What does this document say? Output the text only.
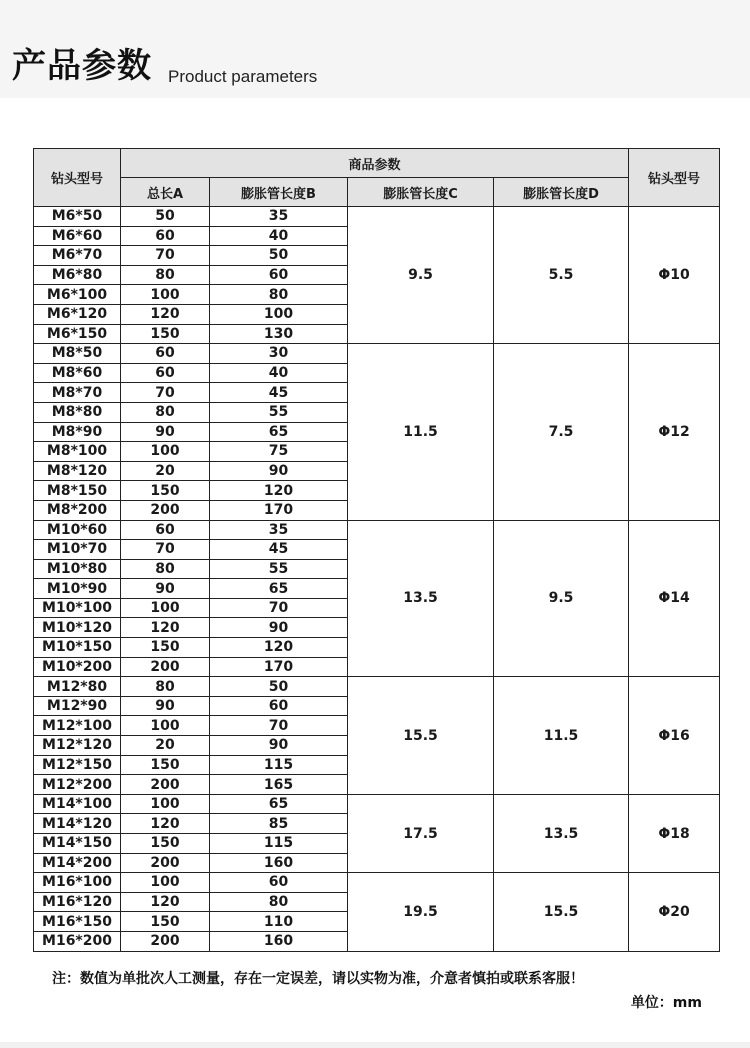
产品参数 Product parameters
钻头型号	商品参数				钻头型号
	总长A	膨胀管长度B	膨胀管长度C	膨胀管长度D	
M6*50	50	35	9.5	5.5	Φ10
M6*60	60	40			
M6*70	70	50			
M6*80	80	60			
M6*100	100	80			
M6*120	120	100			
M6*150	150	130			
M8*50	60	30	11.5	7.5	Φ12
M8*60	60	40			
M8*70	70	45			
M8*80	80	55			
M8*90	90	65			
M8*100	100	75			
M8*120	20	90			
M8*150	150	120			
M8*200	200	170			
M10*60	60	35	13.5	9.5	Φ14
M10*70	70	45			
M10*80	80	55			
M10*90	90	65			
M10*100	100	70			
M10*120	120	90			
M10*150	150	120			
M10*200	200	170			
M12*80	80	50	15.5	11.5	Φ16
M12*90	90	60			
M12*100	100	70			
M12*120	20	90			
M12*150	150	115			
M12*200	200	165			
M14*100	100	65	17.5	13.5	Φ18
M14*120	120	85			
M14*150	150	115			
M14*200	200	160			
M16*100	100	60	19.5	15.5	Φ20
M16*120	120	80			
M16*150	150	110			
M16*200	200	160			
注：数值为单批次人工测量，存在一定误差，请以实物为准，介意者慎拍或联系客服！
单位：mm
